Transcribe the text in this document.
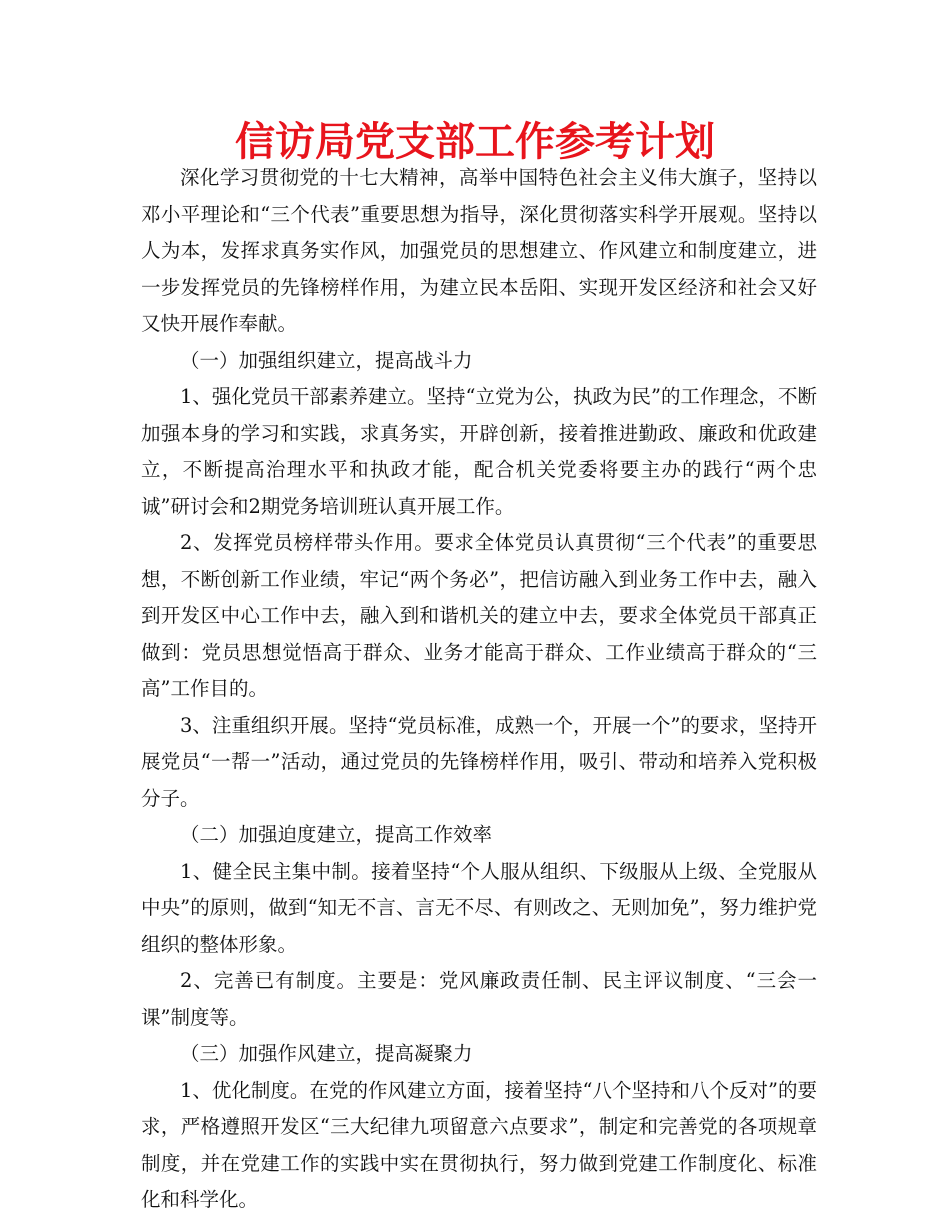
信访局党支部工作参考计划

深化学习贯彻党的十七大精神，高举中国特色社会主义伟大旗子，坚持以邓小平理论和“三个代表”重要思想为指导，深化贯彻落实科学开展观。坚持以人为本，发挥求真务实作风，加强党员的思想建立、作风建立和制度建立，进一步发挥党员的先锋榜样作用，为建立民本岳阳、实现开发区经济和社会又好又快开展作奉献。

（一）加强组织建立，提高战斗力

1、强化党员干部素养建立。坚持“立党为公，执政为民”的工作理念，不断加强本身的学习和实践，求真务实，开辟创新，接着推进勤政、廉政和优政建立，不断提高治理水平和执政才能，配合机关党委将要主办的践行“两个忠诚”研讨会和2期党务培训班认真开展工作。

2、发挥党员榜样带头作用。要求全体党员认真贯彻“三个代表”的重要思想，不断创新工作业绩，牢记“两个务必”，把信访融入到业务工作中去，融入到开发区中心工作中去，融入到和谐机关的建立中去，要求全体党员干部真正做到：党员思想觉悟高于群众、业务才能高于群众、工作业绩高于群众的“三高”工作目的。

3、注重组织开展。坚持“党员标准，成熟一个，开展一个”的要求，坚持开展党员“一帮一”活动，通过党员的先锋榜样作用，吸引、带动和培养入党积极分子。

（二）加强迫度建立，提高工作效率

1、健全民主集中制。接着坚持“个人服从组织、下级服从上级、全党服从中央”的原则，做到“知无不言、言无不尽、有则改之、无则加免”，努力维护党组织的整体形象。

2、完善已有制度。主要是：党风廉政责任制、民主评议制度、“三会一课”制度等。

（三）加强作风建立，提高凝聚力

1、优化制度。在党的作风建立方面，接着坚持“八个坚持和八个反对”的要求，严格遵照开发区“三大纪律九项留意六点要求”，制定和完善党的各项规章制度，并在党建工作的实践中实在贯彻执行，努力做到党建工作制度化、标准化和科学化。
